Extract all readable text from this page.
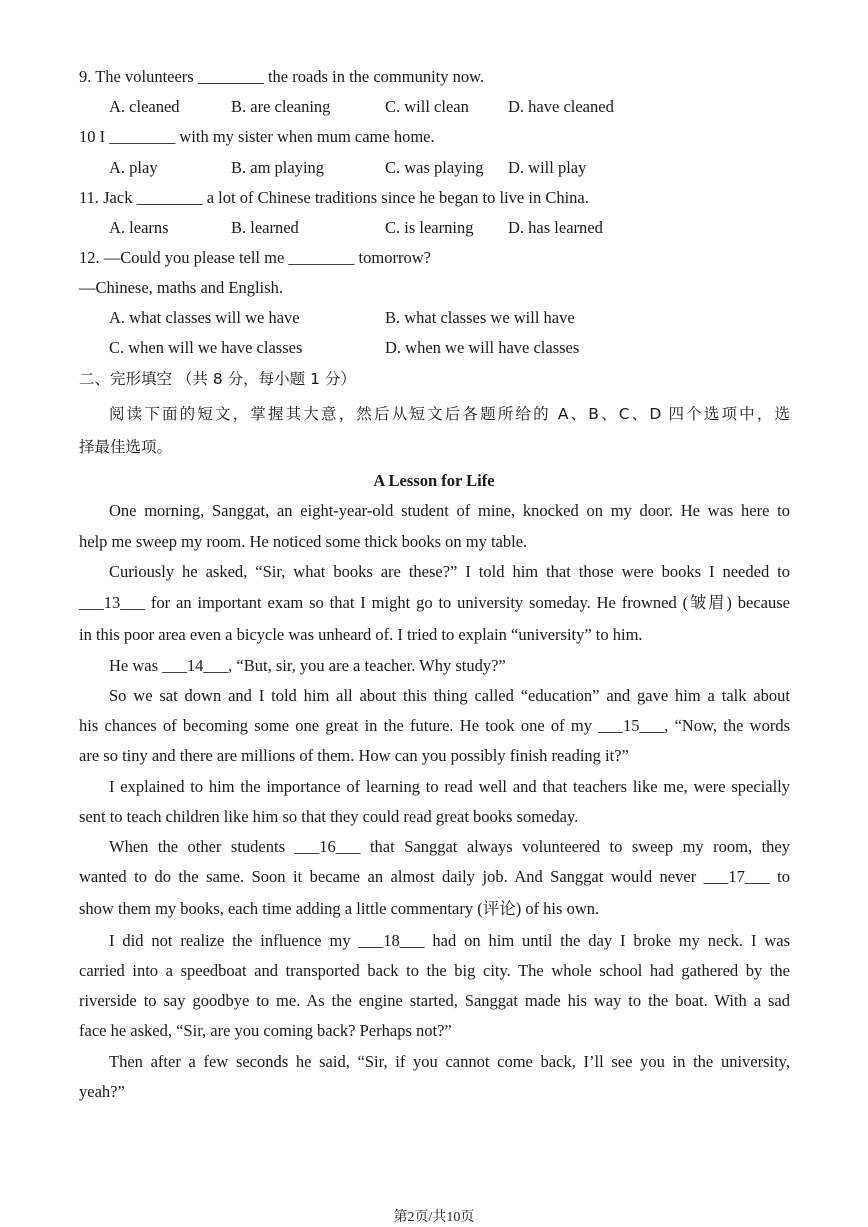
9. The volunteers ________ the roads in the community now.
A. cleaned	B. are cleaning	C. will clean D. have cleaned
10 I ________ with my sister when mum came home.
A. play	B. am playing	C. was playing D. will play
11. Jack ________ a lot of Chinese traditions since he began to live in China.
A. learns	B. learned	C. is learning D. has learned
12. —Could you please tell me ________ tomorrow?
—Chinese, maths and English.
A. what classes will we have	B. what classes we will have
C. when will we have classes	D. when we will have classes
二、完形填空 （共 8 分，每小题 1 分）
阅读下面的短文，掌握其大意，然后从短文后各题所给的 A、B、C、D 四个选项中，选
择最佳选项。
A Lesson for Life
One morning, Sanggat, an eight-year-old student of mine, knocked on my door. He was here to
help me sweep my room. He noticed some thick books on my table.
Curiously he asked, “Sir, what books are these?” I told him that those were books I needed to
___13___ for an important exam so that I might go to university someday. He frowned (皱眉) because
in this poor area even a bicycle was unheard of. I tried to explain “university” to him.
He was ___14___, “But, sir, you are a teacher. Why study?”
So we sat down and I told him all about this thing called “education” and gave him a talk about
his chances of becoming some one great in the future. He took one of my ___15___, “Now, the words
are so tiny and there are millions of them. How can you possibly finish reading it?”
I explained to him the importance of learning to read well and that teachers like me, were specially
sent to teach children like him so that they could read great books someday.
When the other students ___16___ that Sanggat always volunteered to sweep my room, they
wanted to do the same. Soon it became an almost daily job. And Sanggat would never ___17___ to
show them my books, each time adding a little commentary (评论) of his own.
I did not realize the influence my ___18___ had on him until the day I broke my neck. I was
carried into a speedboat and transported back to the big city. The whole school had gathered by the
riverside to say goodbye to me. As the engine started, Sanggat made his way to the boat. With a sad
face he asked, “Sir, are you coming back? Perhaps not?”
Then after a few seconds he said, “Sir, if you cannot come back, I’ll see you in the university,
yeah?”
第2页/共10页
